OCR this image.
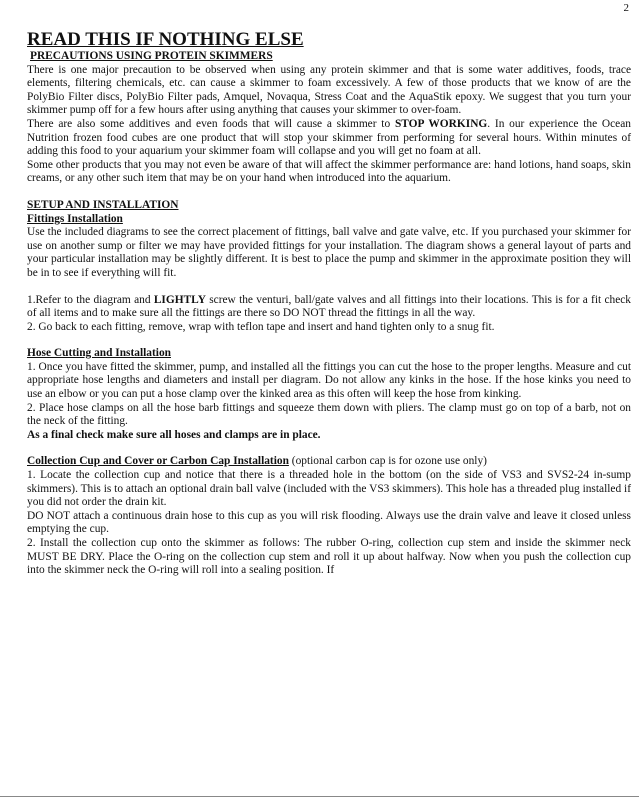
2
READ THIS IF NOTHING ELSE
PRECAUTIONS USING PROTEIN SKIMMERS

There is one major precaution to be observed when using any protein skimmer and that is some water additives, foods, trace elements, filtering chemicals, etc. can cause a skimmer to foam excessively. A few of those products that we know of are the PolyBio Filter discs, PolyBio Filter pads, Amquel, Novaqua, Stress Coat and the AquaStik epoxy. We suggest that you turn your skimmer pump off for a few hours after using anything that causes your skimmer to over-foam.

There are also some additives and even foods that will cause a skimmer to STOP WORKING. In our experience the Ocean Nutrition frozen food cubes are one product that will stop your skimmer from performing for several hours. Within minutes of adding this food to your aquarium your skimmer foam will collapse and you will get no foam at all.

Some other products that you may not even be aware of that will affect the skimmer performance are: hand lotions, hand soaps, skin creams, or any other such item that may be on your hand when introduced into the aquarium.

SETUP AND INSTALLATION
Fittings Installation

Use the included diagrams to see the correct placement of fittings, ball valve and gate valve, etc. If you purchased your skimmer for use on another sump or filter we may have provided fittings for your installation. The diagram shows a general layout of parts and your particular installation may be slightly different. It is best to place the pump and skimmer in the approximate position they will be in to see if everything will fit.

1.Refer to the diagram and LIGHTLY screw the venturi, ball/gate valves and all fittings into their locations. This is for a fit check of all items and to make sure all the fittings are there so DO NOT thread the fittings in all the way.

2. Go back to each fitting, remove, wrap with teflon tape and insert and hand tighten only to a snug fit.

Hose Cutting and Installation

1. Once you have fitted the skimmer, pump, and installed all the fittings you can cut the hose to the proper lengths. Measure and cut appropriate hose lengths and diameters and install per diagram. Do not allow any kinks in the hose. If the hose kinks you need to use an elbow or you can put a hose clamp over the kinked area as this often will keep the hose from kinking.

2. Place hose clamps on all the hose barb fittings and squeeze them down with pliers. The clamp must go on top of a barb, not on the neck of the fitting.

As a final check make sure all hoses and clamps are in place.

Collection Cup and Cover or Carbon Cap Installation (optional carbon cap is for ozone use only)

1. Locate the collection cup and notice that there is a threaded hole in the bottom (on the side of VS3 and SVS2-24 in-sump skimmers). This is to attach an optional drain ball valve (included with the VS3 skimmers). This hole has a threaded plug installed if you did not order the drain kit.

DO NOT attach a continuous drain hose to this cup as you will risk flooding. Always use the drain valve and leave it closed unless emptying the cup.

2. Install the collection cup onto the skimmer as follows: The rubber O-ring, collection cup stem and inside the skimmer neck MUST BE DRY. Place the O-ring on the collection cup stem and roll it up about halfway. Now when you push the collection cup into the skimmer neck the O-ring will roll into a sealing position. If
